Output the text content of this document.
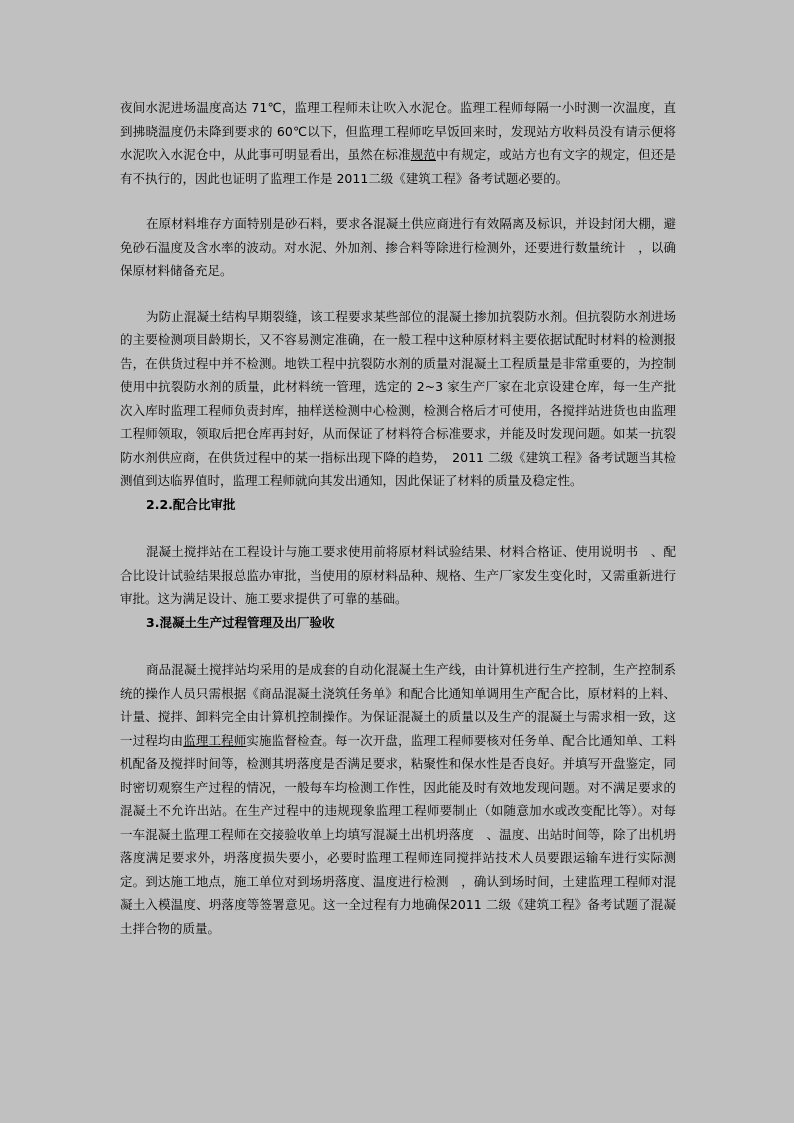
夜间水泥进场温度高达 71℃，监理工程师未让吹入水泥仓。监理工程师每隔一小时测一次温度，直到拂晓温度仍未降到要求的 60℃以下，但监理工程师吃早饭回来时，发现站方收料员没有请示便将水泥吹入水泥仓中，从此事可明显看出，虽然在标准规范中有规定，或站方也有文字的规定，但还是有不执行的，因此也证明了监理工作是 2011二级《建筑工程》备考试题必要的。

在原材料堆存方面特别是砂石料，要求各混凝土供应商进行有效隔离及标识，并设封闭大棚，避免砂石温度及含水率的波动。对水泥、外加剂、掺合料等除进行检测外，还要进行数量统计　，以确保原材料储备充足。

为防止混凝土结构早期裂缝，该工程要求某些部位的混凝土掺加抗裂防水剂。但抗裂防水剂进场的主要检测项目龄期长，又不容易测定准确，在一般工程中这种原材料主要依据试配时材料的检测报告，在供货过程中并不检测。地铁工程中抗裂防水剂的质量对混凝土工程质量是非常重要的，为控制使用中抗裂防水剂的质量，此材料统一管理，选定的 2~3 家生产厂家在北京设建仓库，每一生产批次入库时监理工程师负责封库，抽样送检测中心检测，检测合格后才可使用，各搅拌站进货也由监理工程师领取，领取后把仓库再封好，从而保证了材料符合标准要求，并能及时发现问题。如某一抗裂防水剂供应商，在供货过程中的某一指标出现下降的趋势，　2011 二级《建筑工程》备考试题当其检测值到达临界值时，监理工程师就向其发出通知，因此保证了材料的质量及稳定性。

2.2.配合比审批

混凝土搅拌站在工程设计与施工要求使用前将原材料试验结果、材料合格证、使用说明书　、配合比设计试验结果报总监办审批，当使用的原材料品种、规格、生产厂家发生变化时，又需重新进行审批。这为满足设计、施工要求提供了可靠的基础。

3.混凝土生产过程管理及出厂验收

商品混凝土搅拌站均采用的是成套的自动化混凝土生产线，由计算机进行生产控制，生产控制系统的操作人员只需根据《商品混凝土浇筑任务单》和配合比通知单调用生产配合比，原材料的上料、计量、搅拌、卸料完全由计算机控制操作。为保证混凝土的质量以及生产的混凝土与需求相一致，这一过程均由监理工程师实施监督检查。每一次开盘，监理工程师要核对任务单、配合比通知单、工料机配备及搅拌时间等，检测其坍落度是否满足要求，粘聚性和保水性是否良好。并填写开盘鉴定，同时密切观察生产过程的情况，一般每车均检测工作性，因此能及时有效地发现问题。对不满足要求的混凝土不允许出站。在生产过程中的违规现象监理工程师要制止（如随意加水或改变配比等）。对每一车混凝土监理工程师在交接验收单上均填写混凝土出机坍落度　、温度、出站时间等，除了出机坍落度满足要求外，坍落度损失要小，必要时监理工程师连同搅拌站技术人员要跟运输车进行实际测定。到达施工地点，施工单位对到场坍落度、温度进行检测　，确认到场时间，土建监理工程师对混凝土入模温度、坍落度等签署意见。这一全过程有力地确保2011 二级《建筑工程》备考试题了混凝土拌合物的质量。
